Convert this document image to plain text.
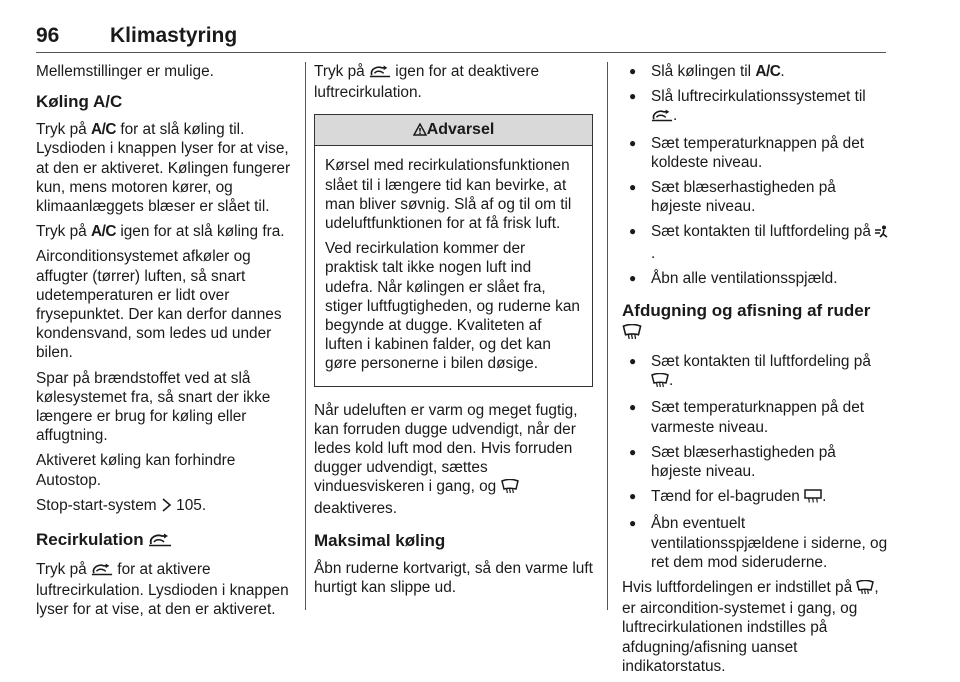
96 Klimastyring

Mellemstillinger er mulige.

Køling A/C

Tryk på A/C for at slå køling til. Lysdioden i knappen lyser for at vise, at den er aktiveret. Kølingen fungerer kun, mens motoren kører, og klimaanlæggets blæser er slået til.

Tryk på A/C igen for at slå køling fra.

Airconditionsystemet afkøler og affugter (tørrer) luften, så snart udetemperaturen er lidt over frysepunktet. Der kan derfor dannes kondensvand, som ledes ud under bilen.

Spar på brændstoffet ved at slå kølesystemet fra, så snart der ikke længere er brug for køling eller affugtning.

Aktiveret køling kan forhindre Autostop.

Stop-start-system  105.

Recirkulation

Tryk på  for at aktivere luftrecirkulation. Lysdioden i knappen lyser for at vise, at den er aktiveret.

Tryk på  igen for at deaktivere luftrecirkulation.

Advarsel

Kørsel med recirkulationsfunktionen slået til i længere tid kan bevirke, at man bliver søvnig. Slå af og til om til udeluftfunktionen for at få frisk luft.

Ved recirkulation kommer der praktisk talt ikke nogen luft ind udefra. Når kølingen er slået fra, stiger luftfugtigheden, og ruderne kan begynde at dugge. Kvaliteten af luften i kabinen falder, og det kan gøre personerne i bilen døsige.

Når udeluften er varm og meget fugtig, kan forruden dugge udvendigt, når der ledes kold luft mod den. Hvis forruden dugger udvendigt, sættes vinduesviskeren i gang, og  deaktiveres.

Maksimal køling

Åbn ruderne kortvarigt, så den varme luft hurtigt kan slippe ud.

● Slå kølingen til A/C.
● Slå luftrecirkulationssystemet til .
● Sæt temperaturknappen på det koldeste niveau.
● Sæt blæserhastigheden på højeste niveau.
● Sæt kontakten til luftfordeling på .
● Åbn alle ventilationsspjæld.
Afdugning og afisning af ruder
● Sæt kontakten til luftfordeling på .
● Sæt temperaturknappen på det varmeste niveau.
● Sæt blæserhastigheden på højeste niveau.
● Tænd for el-bagruden .
● Åbn eventuelt ventilationsspjældene i siderne, og ret dem mod sideruderne.

Hvis luftfordelingen er indstillet på , er aircondition-systemet i gang, og luftrecirkulationen indstilles på afdugning/afisning uanset indikatorstatus.
